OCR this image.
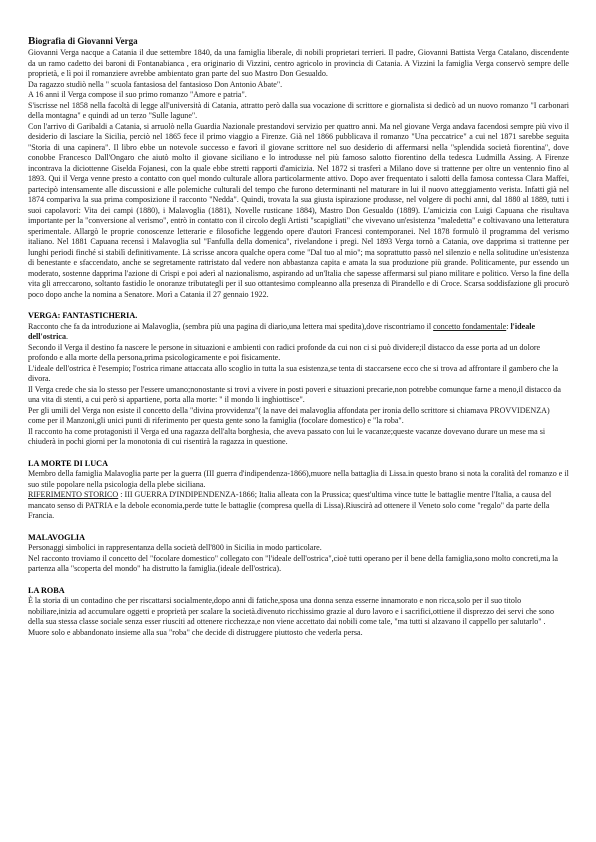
Biografia di Giovanni Verga

Giovanni Verga nacque a Catania il due settembre 1840, da una famiglia liberale, di nobili proprietari terrieri. Il padre, Giovanni Battista Verga Catalano, discendente da un ramo cadetto dei baroni di Fontanabianca , era originario di Vizzini, centro agricolo in provincia di Catania. A Vizzini la famiglia Verga conservò sempre delle proprietà, e lì poi il romanziere avrebbe ambientato gran parte del suo Mastro Don Gesualdo.

Da ragazzo studiò nella " scuola fantasiosa del fantasioso Don Antonio Abate".

A 16 anni il Verga compose il suo primo romanzo "Amore e patria".

S'iscrisse nel 1858 nella facoltà di legge all'università di Catania, attratto però dalla sua vocazione di scrittore e giornalista si dedicò ad un nuovo romanzo "I carbonari della montagna" e quindi ad un terzo "Sulle lagune".

Con l'arrivo di Garibaldi a Catania, si arruolò nella Guardia Nazionale prestandovi servizio per quattro anni. Ma nel giovane Verga andava facendosi sempre più vivo il desiderio di lasciare la Sicilia, perciò nel 1865 fece il primo viaggio a Firenze. Già nel 1866 pubblicava il romanzo "Una peccatrice" a cui nel 1871 sarebbe seguita "Storia di una capinera". Il libro ebbe un notevole successo e favorì il giovane scrittore nel suo desiderio di affermarsi nella "splendida società fiorentina", dove conobbe Francesco Dall'Ongaro che aiutò molto il giovane siciliano e lo introdusse nel più famoso salotto fiorentino della tedesca Ludmilla Assing. A Firenze incontrava la diciottenne Giselda Fojanesi, con la quale ebbe stretti rapporti d'amicizia. Nel 1872 si trasferì a Milano dove si trattenne per oltre un ventennio fino al 1893. Qui il Verga venne presto a contatto con quel mondo culturale allora particolarmente attivo. Dopo aver frequentato i salotti della famosa contessa Clara Maffei, partecipò intensamente alle discussioni e alle polemiche culturali del tempo che furono determinanti nel maturare in lui il nuovo atteggiamento verista. Infatti già nel 1874 compariva la sua prima composizione il racconto "Nedda". Quindi, trovata la sua giusta ispirazione produsse, nel volgere di pochi anni, dal 1880 al 1889, tutti i suoi capolavori: Vita dei campi (1880), i Malavoglia (1881), Novelle rusticane 1884), Mastro Don Gesualdo (1889). L'amicizia con Luigi Capuana che risultava importante per la "conversione al verismo", entrò in contatto con il circolo degli Artisti "scapigliati" che vivevano un'esistenza "maledetta" e coltivavano una letteratura sperimentale. Allargò le proprie conoscenze letterarie e filosofiche leggendo opere d'autori Francesi contemporanei. Nel 1878 formulò il programma del verismo italiano. Nel 1881 Capuana recensì i Malavoglia sul "Fanfulla della domenica", rivelandone i pregi. Nel 1893 Verga tornò a Catania, ove dapprima si trattenne per lunghi periodi finché si stabilì definitivamente. Là scrisse ancora qualche opera come "Dal tuo al mio"; ma soprattutto passò nel silenzio e nella solitudine un'esistenza di benestante e sfaccendato, anche se segretamente rattristato dal vedere non abbastanza capita e amata la sua produzione più grande. Politicamente, pur essendo un moderato, sostenne dapprima l'azione di Crispi e poi aderì al nazionalismo, aspirando ad un'Italia che sapesse affermarsi sul piano militare e politico. Verso la fine della vita gli arreccarono, soltanto fastidio le onoranze tributategli per il suo ottantesimo compleanno alla presenza di Pirandello e di Croce. Scarsa soddisfazione gli procurò poco dopo anche la nomina a Senatore. Morì a Catania il 27 gennaio 1922.

VERGA: FANTASTICHERIA.

Racconto che fa da introduzione ai Malavoglia, (sembra più una pagina di diario,una lettera mai spedita),dove riscontriamo il concetto fondamentale: l'ideale dell'ostrica.

Secondo il Verga il destino fa nascere le persone in situazioni e ambienti con radici profonde da cui non ci si può dividere;il distacco da esse porta ad un dolore profondo e alla morte della persona,prima psicologicamente e poi fisicamente.

L'ideale dell'ostrica è l'esempio; l'ostrica rimane attaccata allo scoglio in tutta la sua esistenza,se tenta di staccarsene ecco che si trova ad affrontare il gambero che la divora.

Il Verga crede che sia lo stesso per l'essere umano;nonostante si trovi a vivere in posti poveri e situazioni precarie,non potrebbe comunque farne a meno,il distacco da una vita di stenti, a cui però si appartiene, porta alla morte: " il mondo li inghiottisce".

Per gli umili del Verga non esiste il concetto della "divina provvidenza"( la nave dei malavoglia affondata per ironia dello scrittore si chiamava PROVVIDENZA) come per il Manzoni,gli unici punti di riferimento per questa gente sono la famiglia (focolare domestico) e "la roba".

Il racconto ha come protagonisti il Verga ed una ragazza dell'alta borghesia, che aveva passato con lui le vacanze;queste vacanze dovevano durare un mese ma si chiuderà in pochi giorni per la monotonia di cui risentirà la ragazza in questione.

LA MORTE DI LUCA

Membro della famiglia Malavoglia parte per la guerra (III guerra d'indipendenza-1866),muore nella battaglia di Lissa.in questo brano si nota la coralità del romanzo e il suo stile popolare nella psicologia della plebe siciliana.

RIFERIMENTO STORICO : III GUERRA D'INDIPENDENZA-1866; Italia alleata con la Prussica; quest'ultima vince tutte le battaglie mentre l'Italia, a causa del mancato senso di PATRIA e la debole economia,perde tutte le battaglie (compresa quella di Lissa).Riuscirà ad ottenere il Veneto solo come "regalo" da parte della Francia.

MALAVOGLIA

Personaggi simbolici in rappresentanza della società dell'800 in Sicilia in modo particolare.

Nel racconto troviamo il concetto del "focolare domestico" collegato con "l'ideale dell'ostrica",cioè tutti operano per il bene della famiglia,sono molto concreti,ma la partenza alla "scoperta del mondo" ha distrutto la famiglia.(ideale dell'ostrica).

LA ROBA

È la storia di un contadino che per riscattarsi socialmente,dopo anni di fatiche,sposa una donna senza esserne innamorato e non ricca,solo per il suo titolo nobiliare,inizia ad accumulare oggetti e proprietà per scalare la società.divenuto ricchissimo grazie al duro lavoro e i sacrifici,ottiene il disprezzo dei servi che sono della sua stessa classe sociale senza esser riusciti ad ottenere ricchezza,e non viene accettato dai nobili come tale, "ma tutti si alzavano il cappello per salutarlo" .

Muore solo e abbandonato insieme alla sua "roba" che decide di distruggere piuttosto che vederla persa.
